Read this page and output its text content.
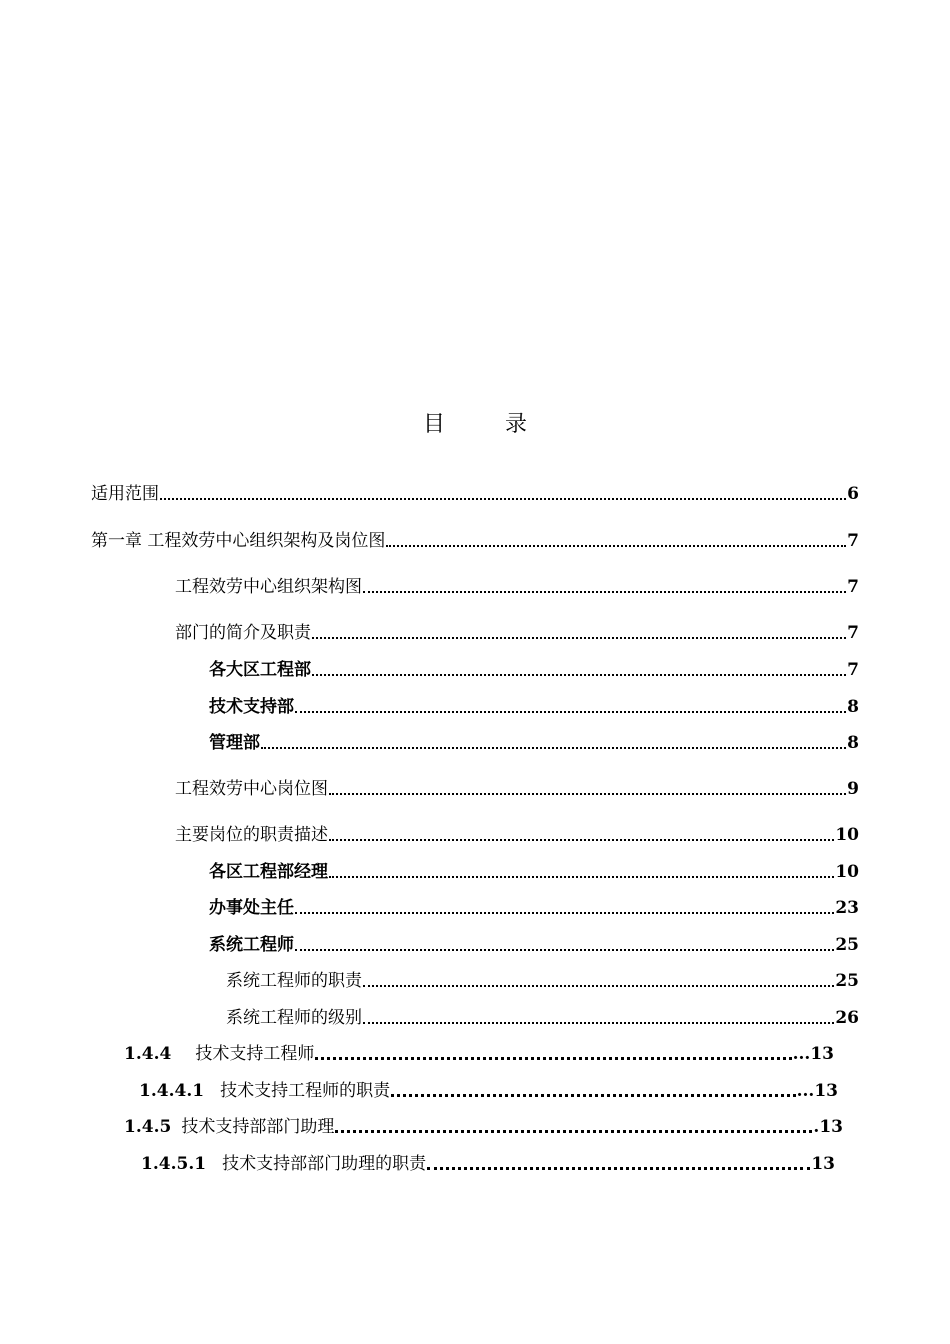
目	录
适用范围	6
第一章 工程效劳中心组织架构及岗位图	7
工程效劳中心组织架构图	7
部门的简介及职责	7
各大区工程部	7
技术支持部	8
管理部	8
工程效劳中心岗位图	9
主要岗位的职责描述	10
各区工程部经理	10
办事处主任	23
系统工程师	25
系统工程师的职责	25
系统工程师的级别	26
1.4.4 技术支持工程师	...13
1.4.4.1 技术支持工程师的职责	...13
1.4.5 技术支持部部门助理	.13
1.4.5.1 技术支持部部门助理的职责	13
